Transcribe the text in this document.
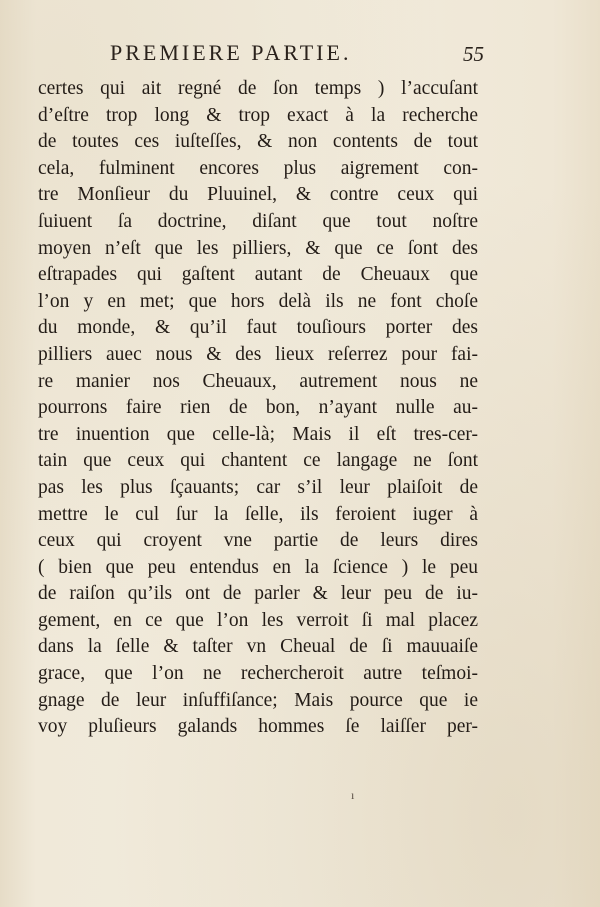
PREMIERE PARTIE.	55
certes qui ait regné de ſon temps ) l’accuſant
d’eſtre trop long & trop exact à la recherche
de toutes ces iuſteſſes, & non contents de tout
cela, fulminent encores plus aigrement con-
tre Monſieur du Pluuinel, & contre ceux qui
ſuiuent ſa doctrine, diſant que tout noſtre
moyen n’eſt que les pilliers, & que ce ſont des
eſtrapades qui gaſtent autant de Cheuaux que
l’on y en met; que hors delà ils ne font choſe
du monde, & qu’il faut touſiours porter des
pilliers auec nous & des lieux reſerrez pour fai-
re manier nos Cheuaux, autrement nous ne
pourrons faire rien de bon, n’ayant nulle au-
tre inuention que celle-là; Mais il eſt tres-cer-
tain que ceux qui chantent ce langage ne ſont
pas les plus ſçauants; car s’il leur plaiſoit de
mettre le cul ſur la ſelle, ils feroient iuger à
ceux qui croyent vne partie de leurs dires
( bien que peu entendus en la ſcience ) le peu
de raiſon qu’ils ont de parler & leur peu de iu-
gement, en ce que l’on les verroit ſi mal placez
dans la ſelle & taſter vn Cheual de ſi mauuaiſe
grace, que l’on ne rechercheroit autre teſmoi-
gnage de leur inſuffiſance; Mais pource que ie
voy pluſieurs galands hommes ſe laiſſer per-
ı
